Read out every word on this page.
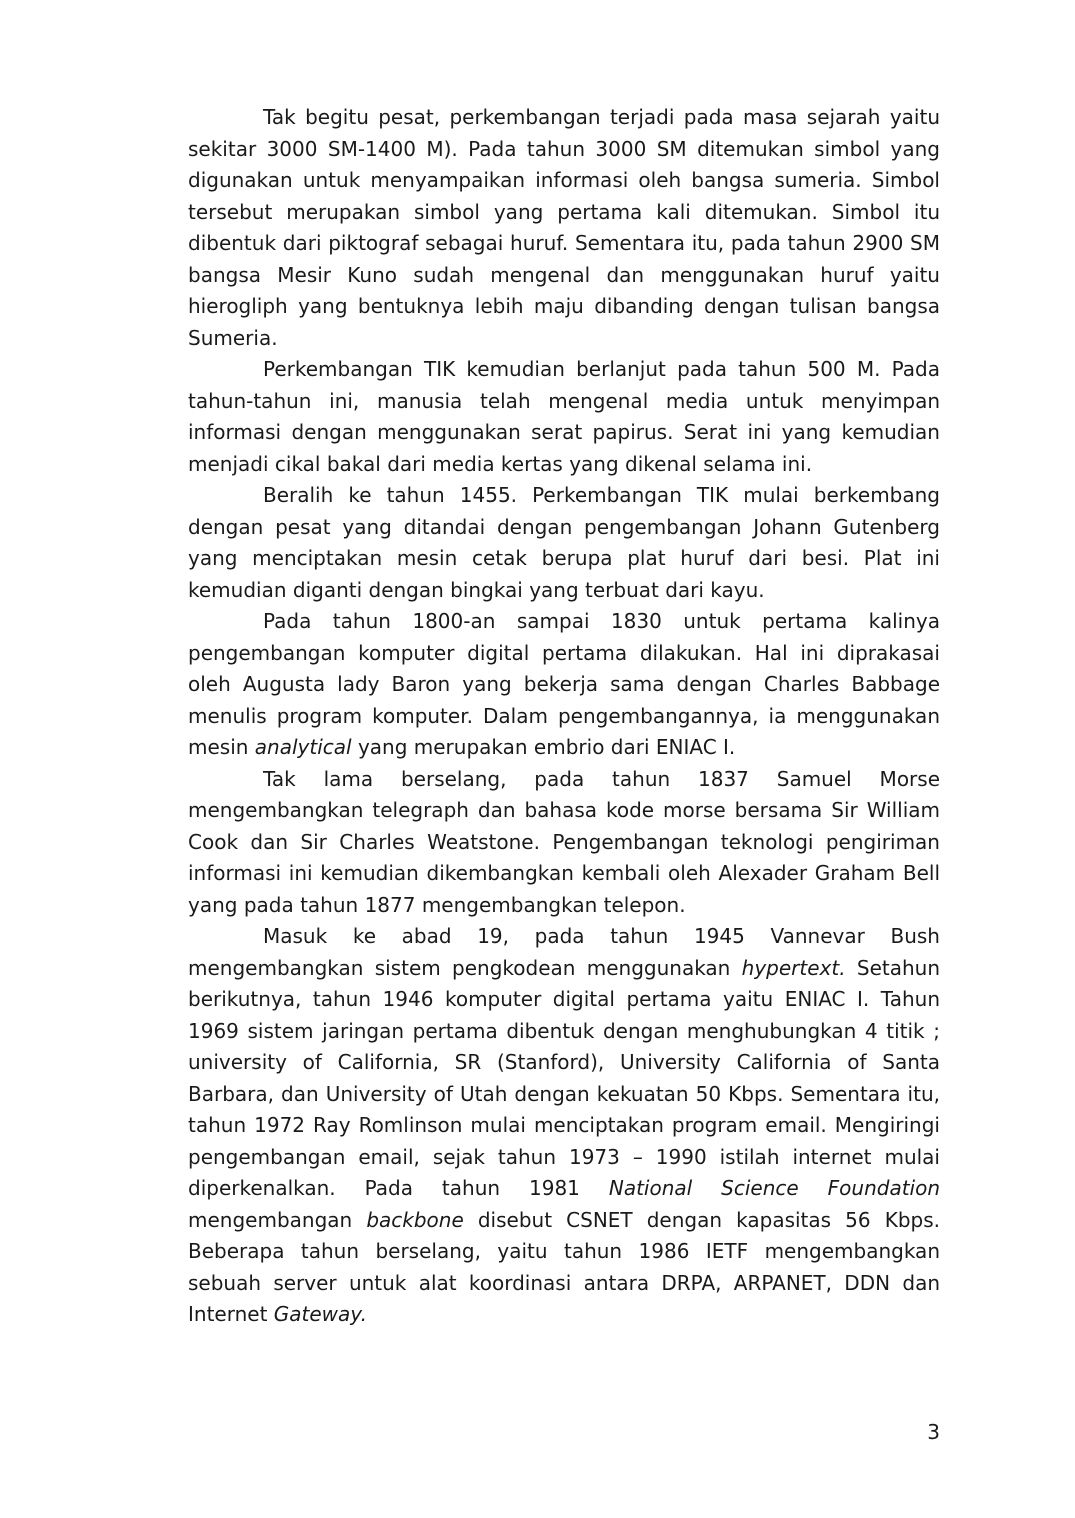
Tak begitu pesat, perkembangan terjadi pada masa sejarah yaitu sekitar 3000 SM-1400 M). Pada tahun 3000 SM ditemukan simbol yang digunakan untuk menyampaikan informasi oleh bangsa sumeria. Simbol tersebut merupakan simbol yang pertama kali ditemukan. Simbol itu dibentuk dari piktograf sebagai huruf. Sementara itu, pada tahun 2900 SM bangsa Mesir Kuno sudah mengenal dan menggunakan huruf yaitu hierogliph yang bentuknya lebih maju dibanding dengan tulisan bangsa Sumeria.

Perkembangan TIK kemudian berlanjut pada tahun 500 M. Pada tahun-tahun ini, manusia telah mengenal media untuk menyimpan informasi dengan menggunakan serat papirus. Serat ini yang kemudian menjadi cikal bakal dari media kertas yang dikenal selama ini.

Beralih ke tahun 1455. Perkembangan TIK mulai berkembang dengan pesat yang ditandai dengan pengembangan Johann Gutenberg yang menciptakan mesin cetak berupa plat huruf dari besi. Plat ini kemudian diganti dengan bingkai yang terbuat dari kayu.

Pada tahun 1800-an sampai 1830 untuk pertama kalinya pengembangan komputer digital pertama dilakukan. Hal ini diprakasai oleh Augusta lady Baron yang bekerja sama dengan Charles Babbage menulis program komputer. Dalam pengembangannya, ia menggunakan mesin analytical yang merupakan embrio dari ENIAC I.

Tak lama berselang, pada tahun 1837 Samuel Morse mengembangkan telegraph dan bahasa kode morse bersama Sir William Cook dan Sir Charles Weatstone. Pengembangan teknologi pengiriman informasi ini kemudian dikembangkan kembali oleh Alexader Graham Bell yang pada tahun 1877 mengembangkan telepon.

Masuk ke abad 19, pada tahun 1945 Vannevar Bush mengembangkan sistem pengkodean menggunakan hypertext. Setahun berikutnya, tahun 1946 komputer digital pertama yaitu ENIAC I. Tahun 1969 sistem jaringan pertama dibentuk dengan menghubungkan 4 titik ; university of California, SR (Stanford), University California of Santa Barbara, dan University of Utah dengan kekuatan 50 Kbps. Sementara itu, tahun 1972 Ray Romlinson mulai menciptakan program email. Mengiringi pengembangan email, sejak tahun 1973 – 1990 istilah internet mulai diperkenalkan. Pada tahun 1981 National Science Foundation mengembangan backbone disebut CSNET dengan kapasitas 56 Kbps. Beberapa tahun berselang, yaitu tahun 1986 IETF mengembangkan sebuah server untuk alat koordinasi antara DRPA, ARPANET, DDN dan Internet Gateway.

3
